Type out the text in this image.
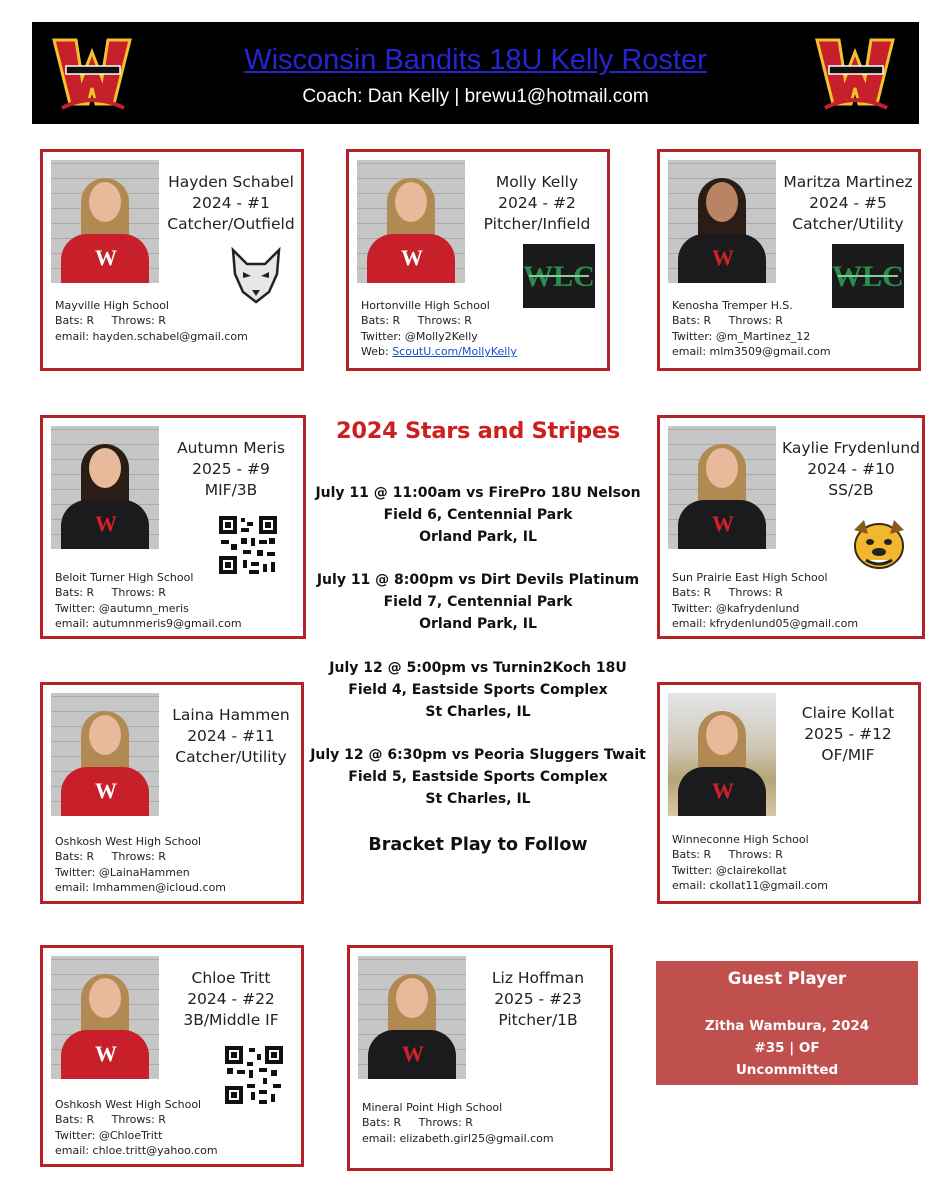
Wisconsin Bandits 18U Kelly Roster
Coach: Dan Kelly | brewu1@hotmail.com
W
Hayden Schabel
2024 - #1
Catcher/Outfield
Mayville High School
Bats: R     Throws: R
email: hayden.schabel@gmail.com
W
Molly Kelly
2024 - #2
Pitcher/Infield
WLC
Hortonville High School
Bats: R     Throws: R
Twitter: @Molly2Kelly
Web: ScoutU.com/MollyKelly
W
Maritza Martinez
2024 - #5
Catcher/Utility
WLC
Kenosha Tremper H.S.
Bats: R     Throws: R
Twitter: @m_Martinez_12
email: mlm3509@gmail.com
W
Autumn Meris
2025 - #9
MIF/3B
Beloit Turner High School
Bats: R     Throws: R
Twitter: @autumn_meris
email: autumnmeris9@gmail.com
W
Kaylie Frydenlund
2024 - #10
SS/2B
Sun Prairie East High School
Bats: R     Throws: R
Twitter: @kafrydenlund
email: kfrydenlund05@gmail.com
W
Laina Hammen
2024 - #11
Catcher/Utility
Oshkosh West High School
Bats: R     Throws: R
Twitter: @LainaHammen
email: lmhammen@icloud.com
W
Claire Kollat
2025 - #12
OF/MIF
Winneconne High School
Bats: R     Throws: R
Twitter: @clairekollat
email: ckollat11@gmail.com
W
Chloe Tritt
2024 - #22
3B/Middle IF
Oshkosh West High School
Bats: R     Throws: R
Twitter: @ChloeTritt
email: chloe.tritt@yahoo.com
W
Liz Hoffman
2025 - #23
Pitcher/1B
Mineral Point High School
Bats: R     Throws: R
email: elizabeth.girl25@gmail.com
2024 Stars and Stripes
July 11 @ 11:00am vs FirePro 18U Nelson
Field 6, Centennial Park
Orland Park, IL
July 11 @ 8:00pm vs Dirt Devils Platinum
Field 7, Centennial Park
Orland Park, IL
July 12 @ 5:00pm vs Turnin2Koch 18U
Field 4, Eastside Sports Complex
St Charles, IL
July 12 @ 6:30pm vs Peoria Sluggers Twait
Field 5, Eastside Sports Complex
St Charles, IL
Bracket Play to Follow
Guest Player
Zitha Wambura, 2024
#35 | OF
Uncommitted
